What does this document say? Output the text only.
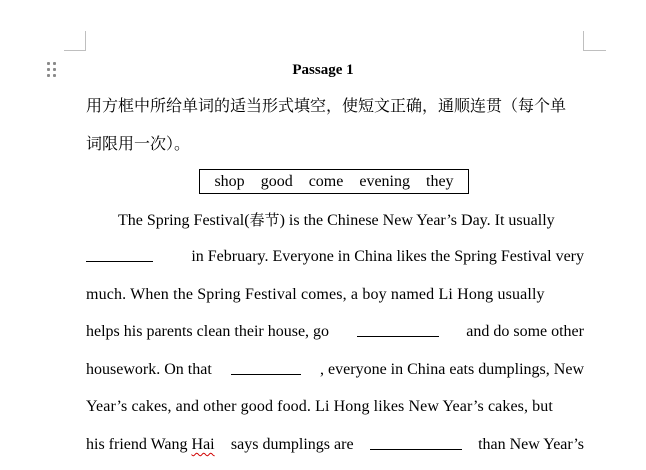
Passage 1
用方框中所给单词的适当形式填空，使短文正确，通顺连贯（每个单
词限用一次）。
shop good come evening they
The Spring Festival(春节) is the Chinese New Year’s Day. It usually
in February. Everyone in China likes the Spring Festival very
much. When the Spring Festival comes, a boy named Li Hong usually
helps his parents clean their house, go	and do some other
housework. On that	, everyone in China eats dumplings, New
Year’s cakes, and other good food. Li Hong likes New Year’s cakes, but
his friend Wang Hai says dumplings are	than New Year’s
